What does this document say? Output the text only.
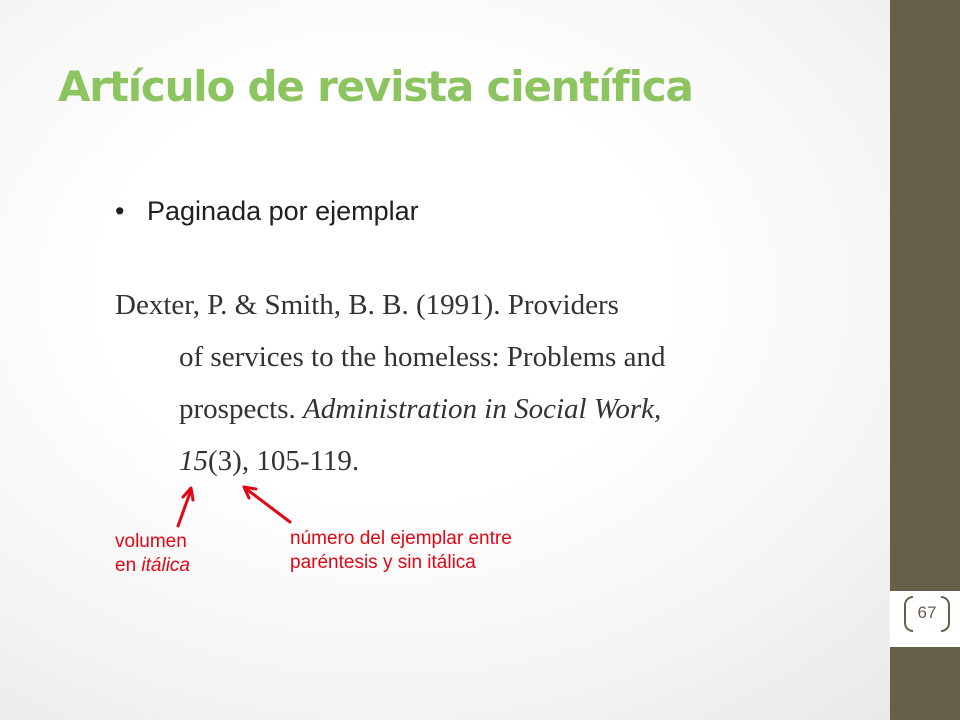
67
Artículo de revista científica
• Paginada por ejemplar
Dexter, P. & Smith, B. B. (1991). Providers
of services to the homeless: Problems and
prospects. Administration in Social Work,
15(3), 105-119.
volumen
en itálica
número del ejemplar entre
paréntesis y sin itálica
